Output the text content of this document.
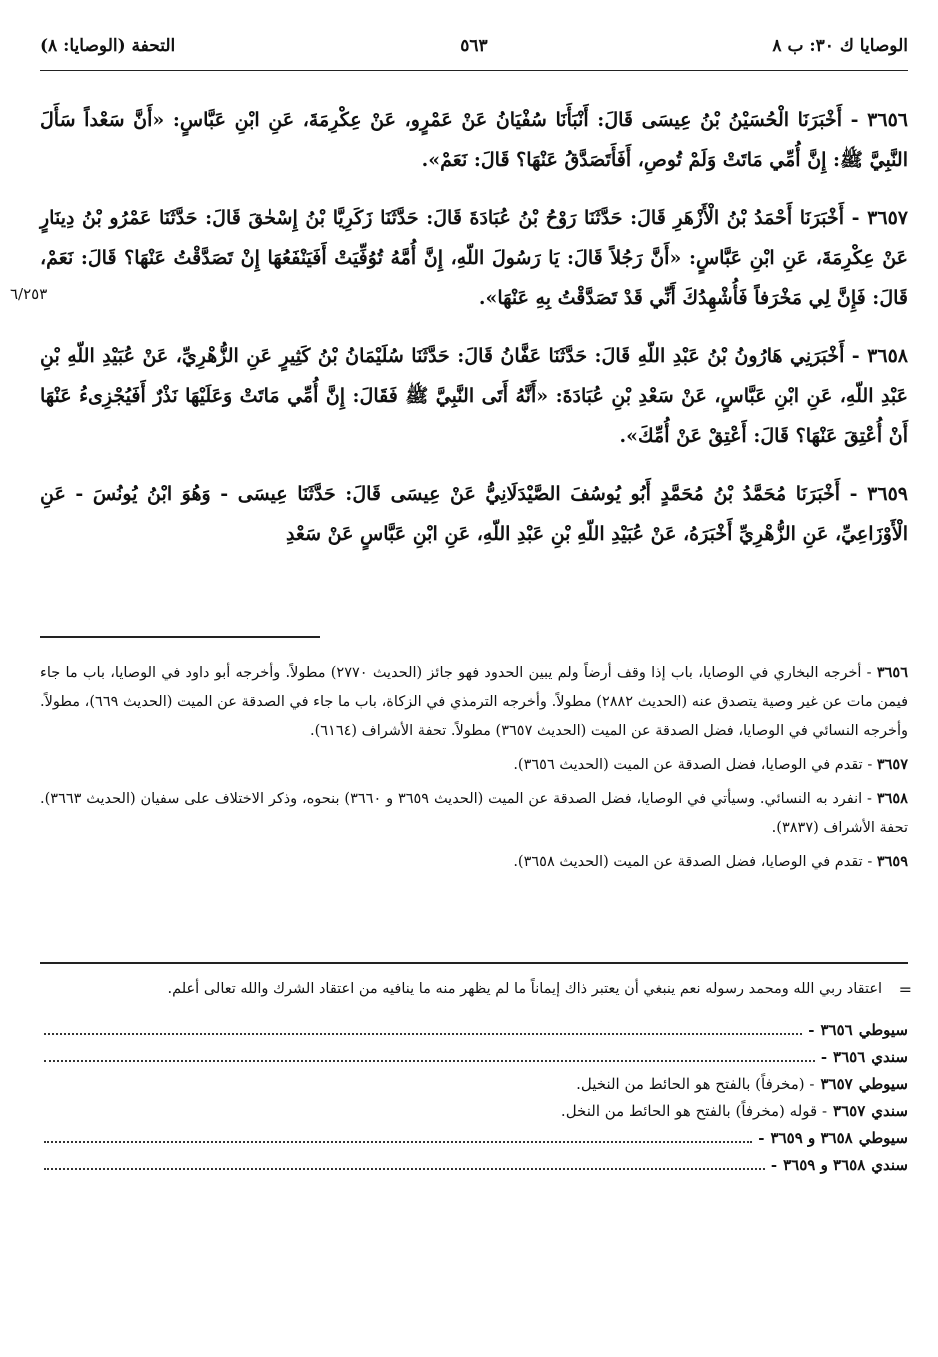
الوصايا ك ٣٠: ب ٨
٥٦٣
التحفة (الوصايا: ٨)
٦/٢٥٣

٣٦٥٦ - أَخْبَرَنَا الْحُسَيْنُ بْنُ عِيسَى قَالَ: أَنْبَأَنَا سُفْيَانُ عَنْ عَمْرٍو، عَنْ عِكْرِمَةَ، عَنِ ابْنِ عَبَّاسٍ: «أَنَّ سَعْداً سَأَلَ النَّبِيَّ ﷺ: إِنَّ أُمِّي مَاتَتْ وَلَمْ تُوصِ، أَفَأَتَصَدَّقُ عَنْهَا؟ قَالَ: نَعَمْ».

٣٦٥٧ - أَخْبَرَنَا أَحْمَدُ بْنُ الْأَزْهَرِ قَالَ: حَدَّثَنَا رَوْحُ بْنُ عُبَادَةَ قَالَ: حَدَّثَنَا زَكَرِيَّا بْنُ إِسْحٰقَ قَالَ: حَدَّثَنَا عَمْرُو بْنُ دِينَارٍ عَنْ عِكْرِمَةَ، عَنِ ابْنِ عَبَّاسٍ: «أَنَّ رَجُلاً قَالَ: يَا رَسُولَ اللّهِ، إِنَّ أُمَّهُ تُوُفِّيَتْ أَفَيَنْفَعُهَا إِنْ تَصَدَّقْتُ عَنْهَا؟ قَالَ: نَعَمْ، قَالَ: فَإِنَّ لِي مَخْرَفاً فَأُشْهِدُكَ أَنِّي قَدْ تَصَدَّقْتُ بِهِ عَنْهَا».

٣٦٥٨ - أَخْبَرَنِي هَارُونُ بْنُ عَبْدِ اللّهِ قَالَ: حَدَّثَنَا عَفَّانُ قَالَ: حَدَّثَنَا سُلَيْمَانُ بْنُ كَثِيرٍ عَنِ الزُّهْرِيِّ، عَنْ عُبَيْدِ اللّهِ بْنِ عَبْدِ اللّهِ، عَنِ ابْنِ عَبَّاسٍ، عَنْ سَعْدِ بْنِ عُبَادَةَ: «أَنَّهُ أَتَى النَّبِيَّ ﷺ فَقَالَ: إِنَّ أُمِّي مَاتَتْ وَعَلَيْهَا نَذْرٌ أَفَيُجْزِىءُ عَنْهَا أَنْ أُعْتِقَ عَنْهَا؟ قَالَ: أَعْتِقْ عَنْ أُمِّكَ».

٣٦٥٩ - أَخْبَرَنَا مُحَمَّدُ بْنُ مُحَمَّدٍ أَبُو يُوسُفَ الصَّيْدَلَانِيُّ عَنْ عِيسَى قَالَ: حَدَّثَنَا عِيسَى - وَهُوَ ابْنُ يُونُسَ - عَنِ الْأَوْزَاعِيِّ، عَنِ الزُّهْرِيِّ أَخْبَرَهُ، عَنْ عُبَيْدِ اللّهِ بْنِ عَبْدِ اللّهِ، عَنِ ابْنِ عَبَّاسٍ عَنْ سَعْدِ

٣٦٥٦ - أخرجه البخاري في الوصايا، باب إذا وقف أرضاً ولم يبين الحدود فهو جائز (الحديث ٢٧٧٠) مطولاً. وأخرجه أبو داود في الوصايا، باب ما جاء فيمن مات عن غير وصية يتصدق عنه (الحديث ٢٨٨٢) مطولاً. وأخرجه الترمذي في الزكاة، باب ما جاء في الصدقة عن الميت (الحديث ٦٦٩)، مطولاً. وأخرجه النسائي في الوصايا، فضل الصدقة عن الميت (الحديث ٣٦٥٧) مطولاً. تحفة الأشراف (٦١٦٤).

٣٦٥٧ - تقدم في الوصايا، فضل الصدقة عن الميت (الحديث ٣٦٥٦).

٣٦٥٨ - انفرد به النسائي. وسيأتي في الوصايا، فضل الصدقة عن الميت (الحديث ٣٦٥٩ و ٣٦٦٠) بنحوه، وذكر الاختلاف على سفيان (الحديث ٣٦٦٣). تحفة الأشراف (٣٨٣٧).

٣٦٥٩ - تقدم في الوصايا، فضل الصدقة عن الميت (الحديث ٣٦٥٨).

=
اعتقاد ربي الله ومحمد رسوله نعم ينبغي أن يعتبر ذاك إيماناً ما لم يظهر منه ما ينافيه من اعتقاد الشرك والله تعالى أعلم.
سيوطي
٣٦٥٦
-
سندي
٣٦٥٦
-
سيوطي
٣٦٥٧
- (مخرفاً) بالفتح هو الحائط من النخيل.
سندي
٣٦٥٧
- قوله (مخرفاً) بالفتح هو الحائط من النخل.
سيوطي
٣٦٥٨ و ٣٦٥٩
-
سندي
٣٦٥٨ و ٣٦٥٩
-
